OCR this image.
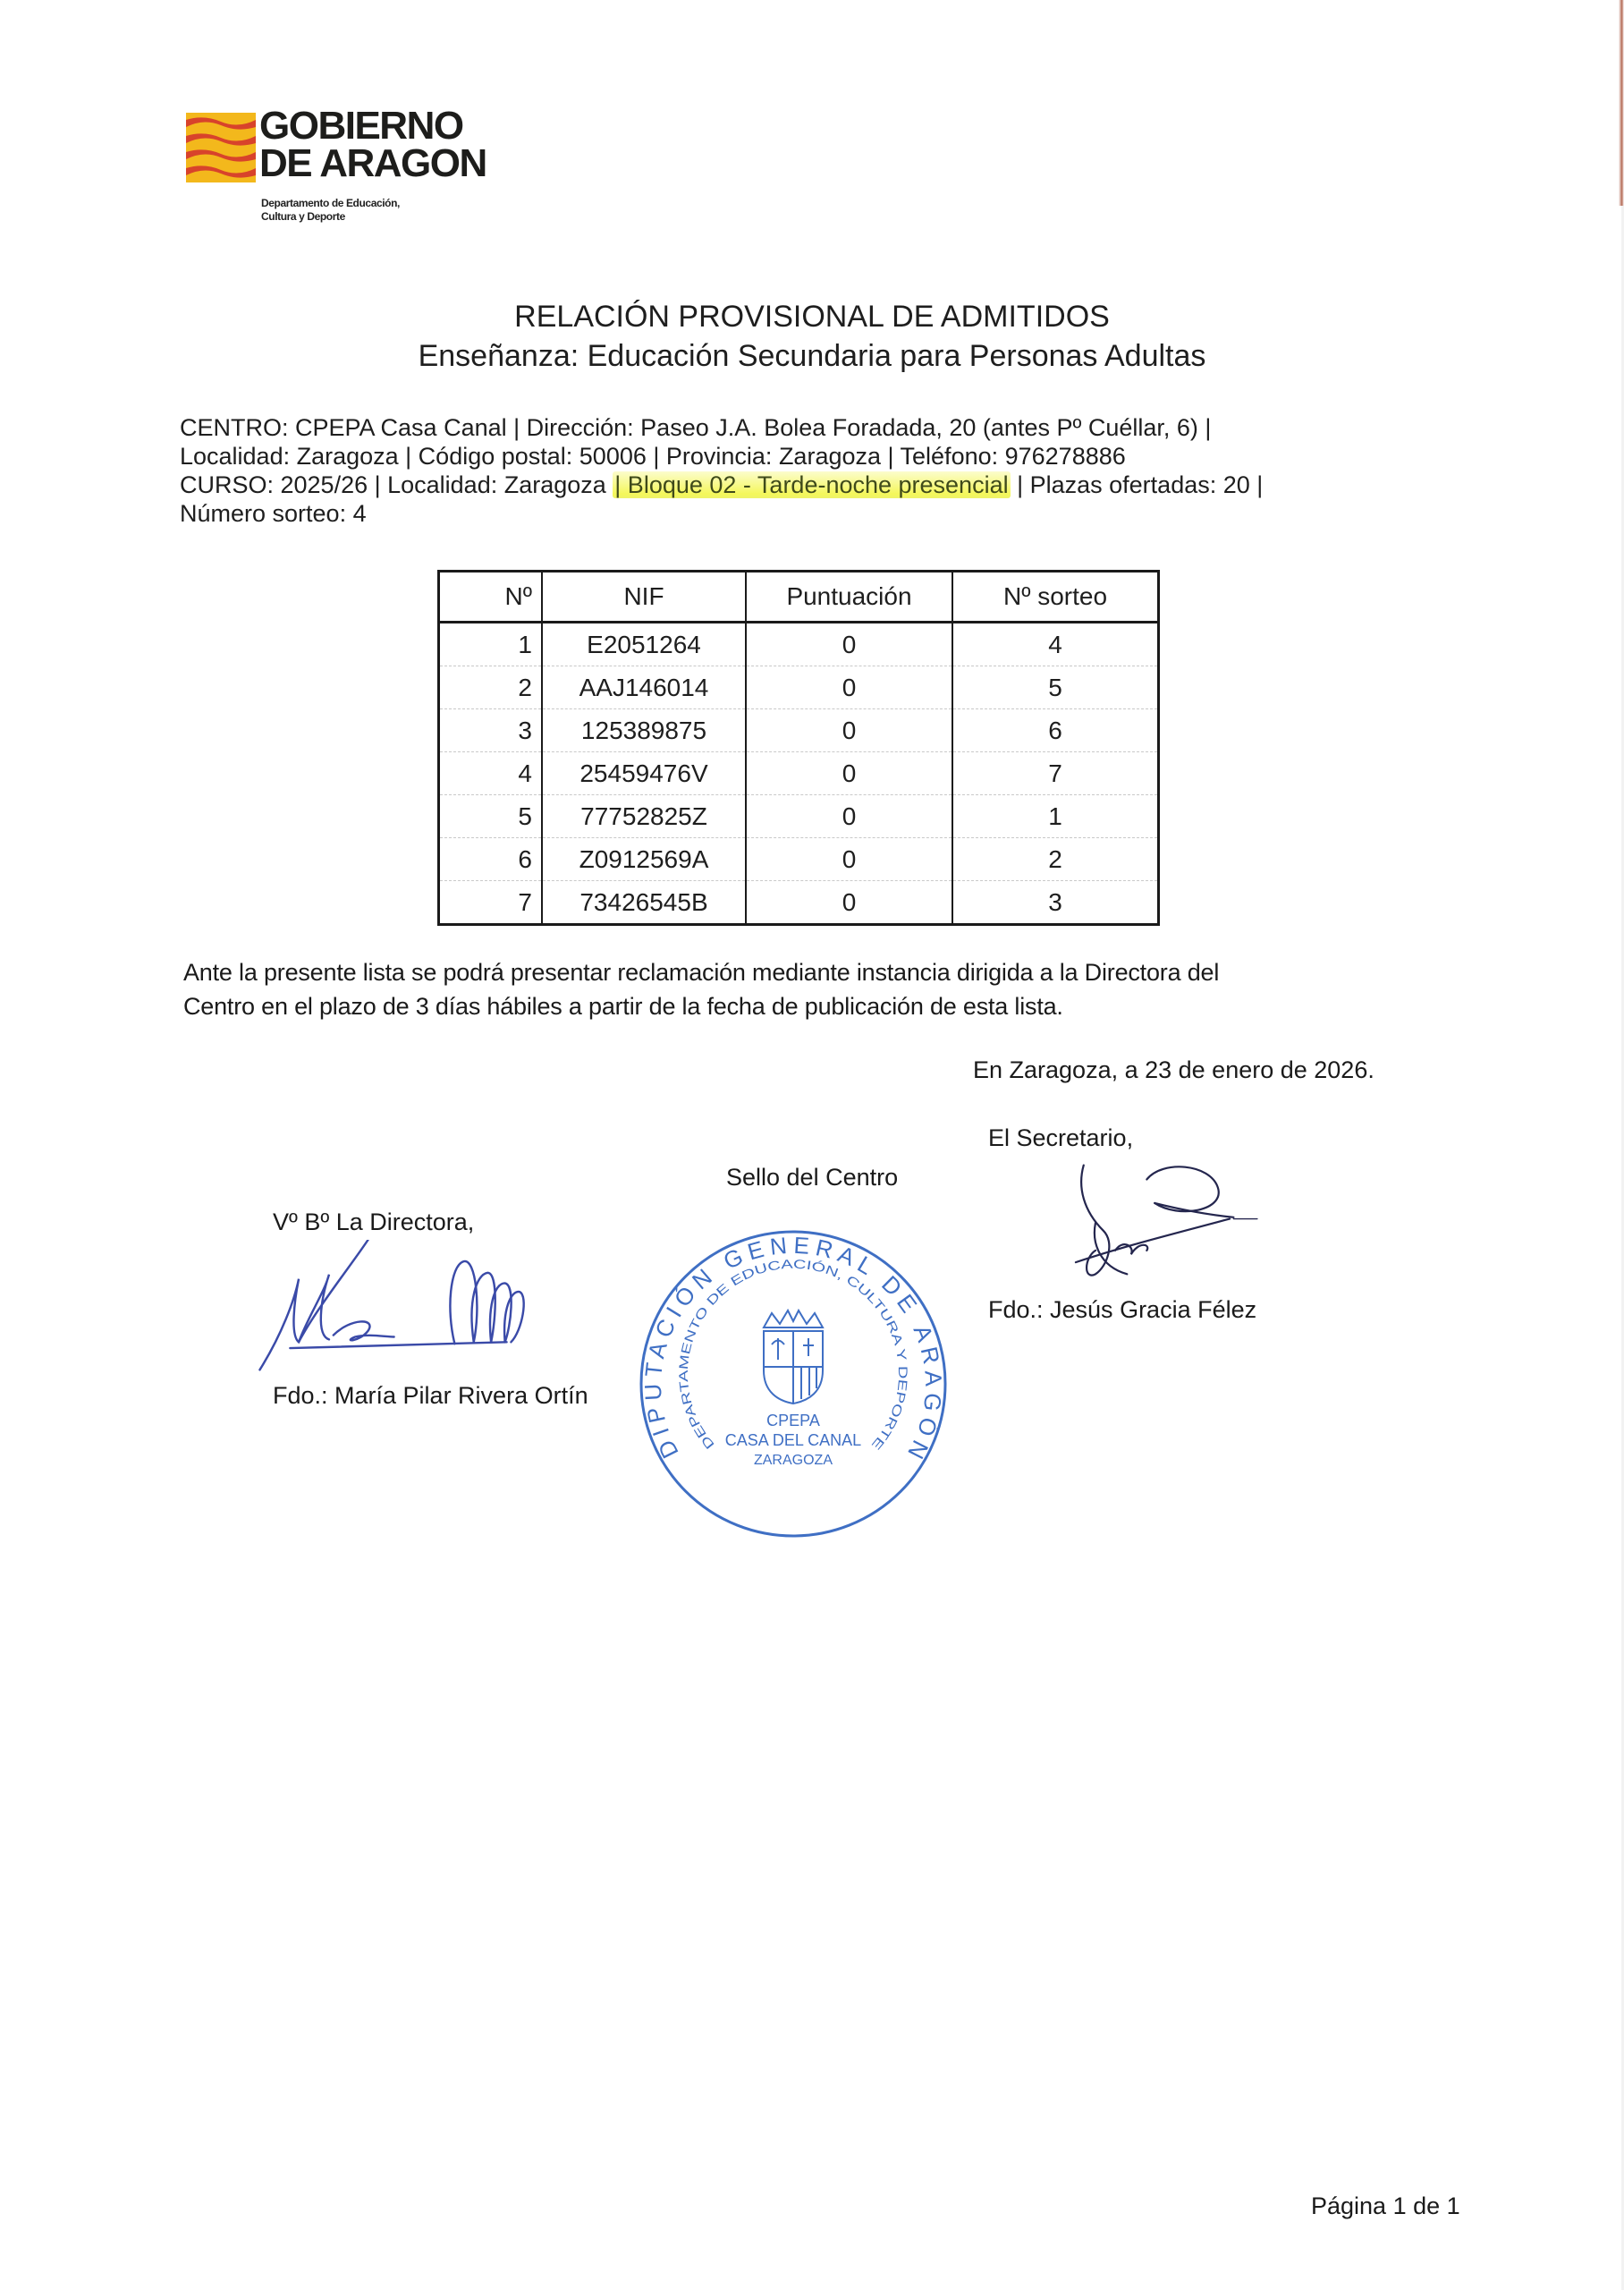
GOBIERNO
DE ARAGON
Departamento de Educación,
Cultura y Deporte
RELACIÓN PROVISIONAL DE ADMITIDOS
Enseñanza: Educación Secundaria para Personas Adultas
CENTRO: CPEPA Casa Canal | Dirección: Paseo J.A. Bolea Foradada, 20 (antes Pº Cuéllar, 6) |
Localidad: Zaragoza | Código postal: 50006 | Provincia: Zaragoza | Teléfono: 976278886
CURSO: 2025/26 | Localidad: Zaragoza | Bloque 02 - Tarde-noche presencial | Plazas ofertadas: 20 |
Número sorteo: 4
Nº	NIF	Puntuación	Nº sorteo
1	E2051264	0	4
2	AAJ146014	0	5
3	125389875	0	6
4	25459476V	0	7
5	77752825Z	0	1
6	Z0912569A	0	2
7	73426545B	0	3
Ante la presente lista se podrá presentar reclamación mediante instancia dirigida a la Directora del
Centro en el plazo de 3 días hábiles a partir de la fecha de publicación de esta lista.
En Zaragoza, a 23 de enero de 2026.
El Secretario,
Fdo.: Jesús Gracia Félez
Sello del Centro
DIPUTACIÓN GENERAL DE ARAGÓN
DEPARTAMENTO DE EDUCACIÓN, CULTURA Y DEPORTE
CPEPA
CASA DEL CANAL
ZARAGOZA
Vº Bº La Directora,
Fdo.: María Pilar Rivera Ortín
Página 1 de 1
